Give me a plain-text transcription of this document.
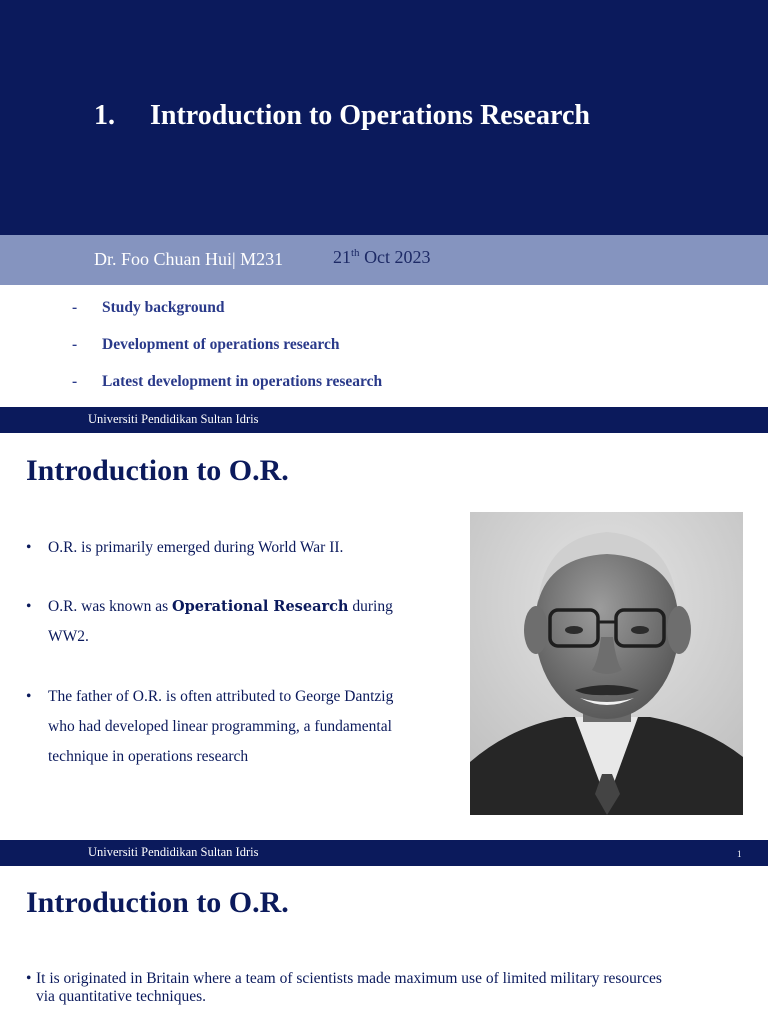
1. Introduction to Operations Research
Dr. Foo Chuan Hui| M231	21th Oct 2023
- Study background
- Development of operations research
- Latest development in operations research
Universiti Pendidikan Sultan Idris
Introduction to O.R.
• O.R. is primarily emerged during World War II.
• O.R. was known as Operational Research during
WW2.
• The father of O.R. is often attributed to George Dantzig
who had developed linear programming, a fundamental
technique in operations research
Universiti Pendidikan Sultan Idris	1
Introduction to O.R.
• It is originated in Britain where a team of scientists made maximum use of limited military resources
via quantitative techniques.
